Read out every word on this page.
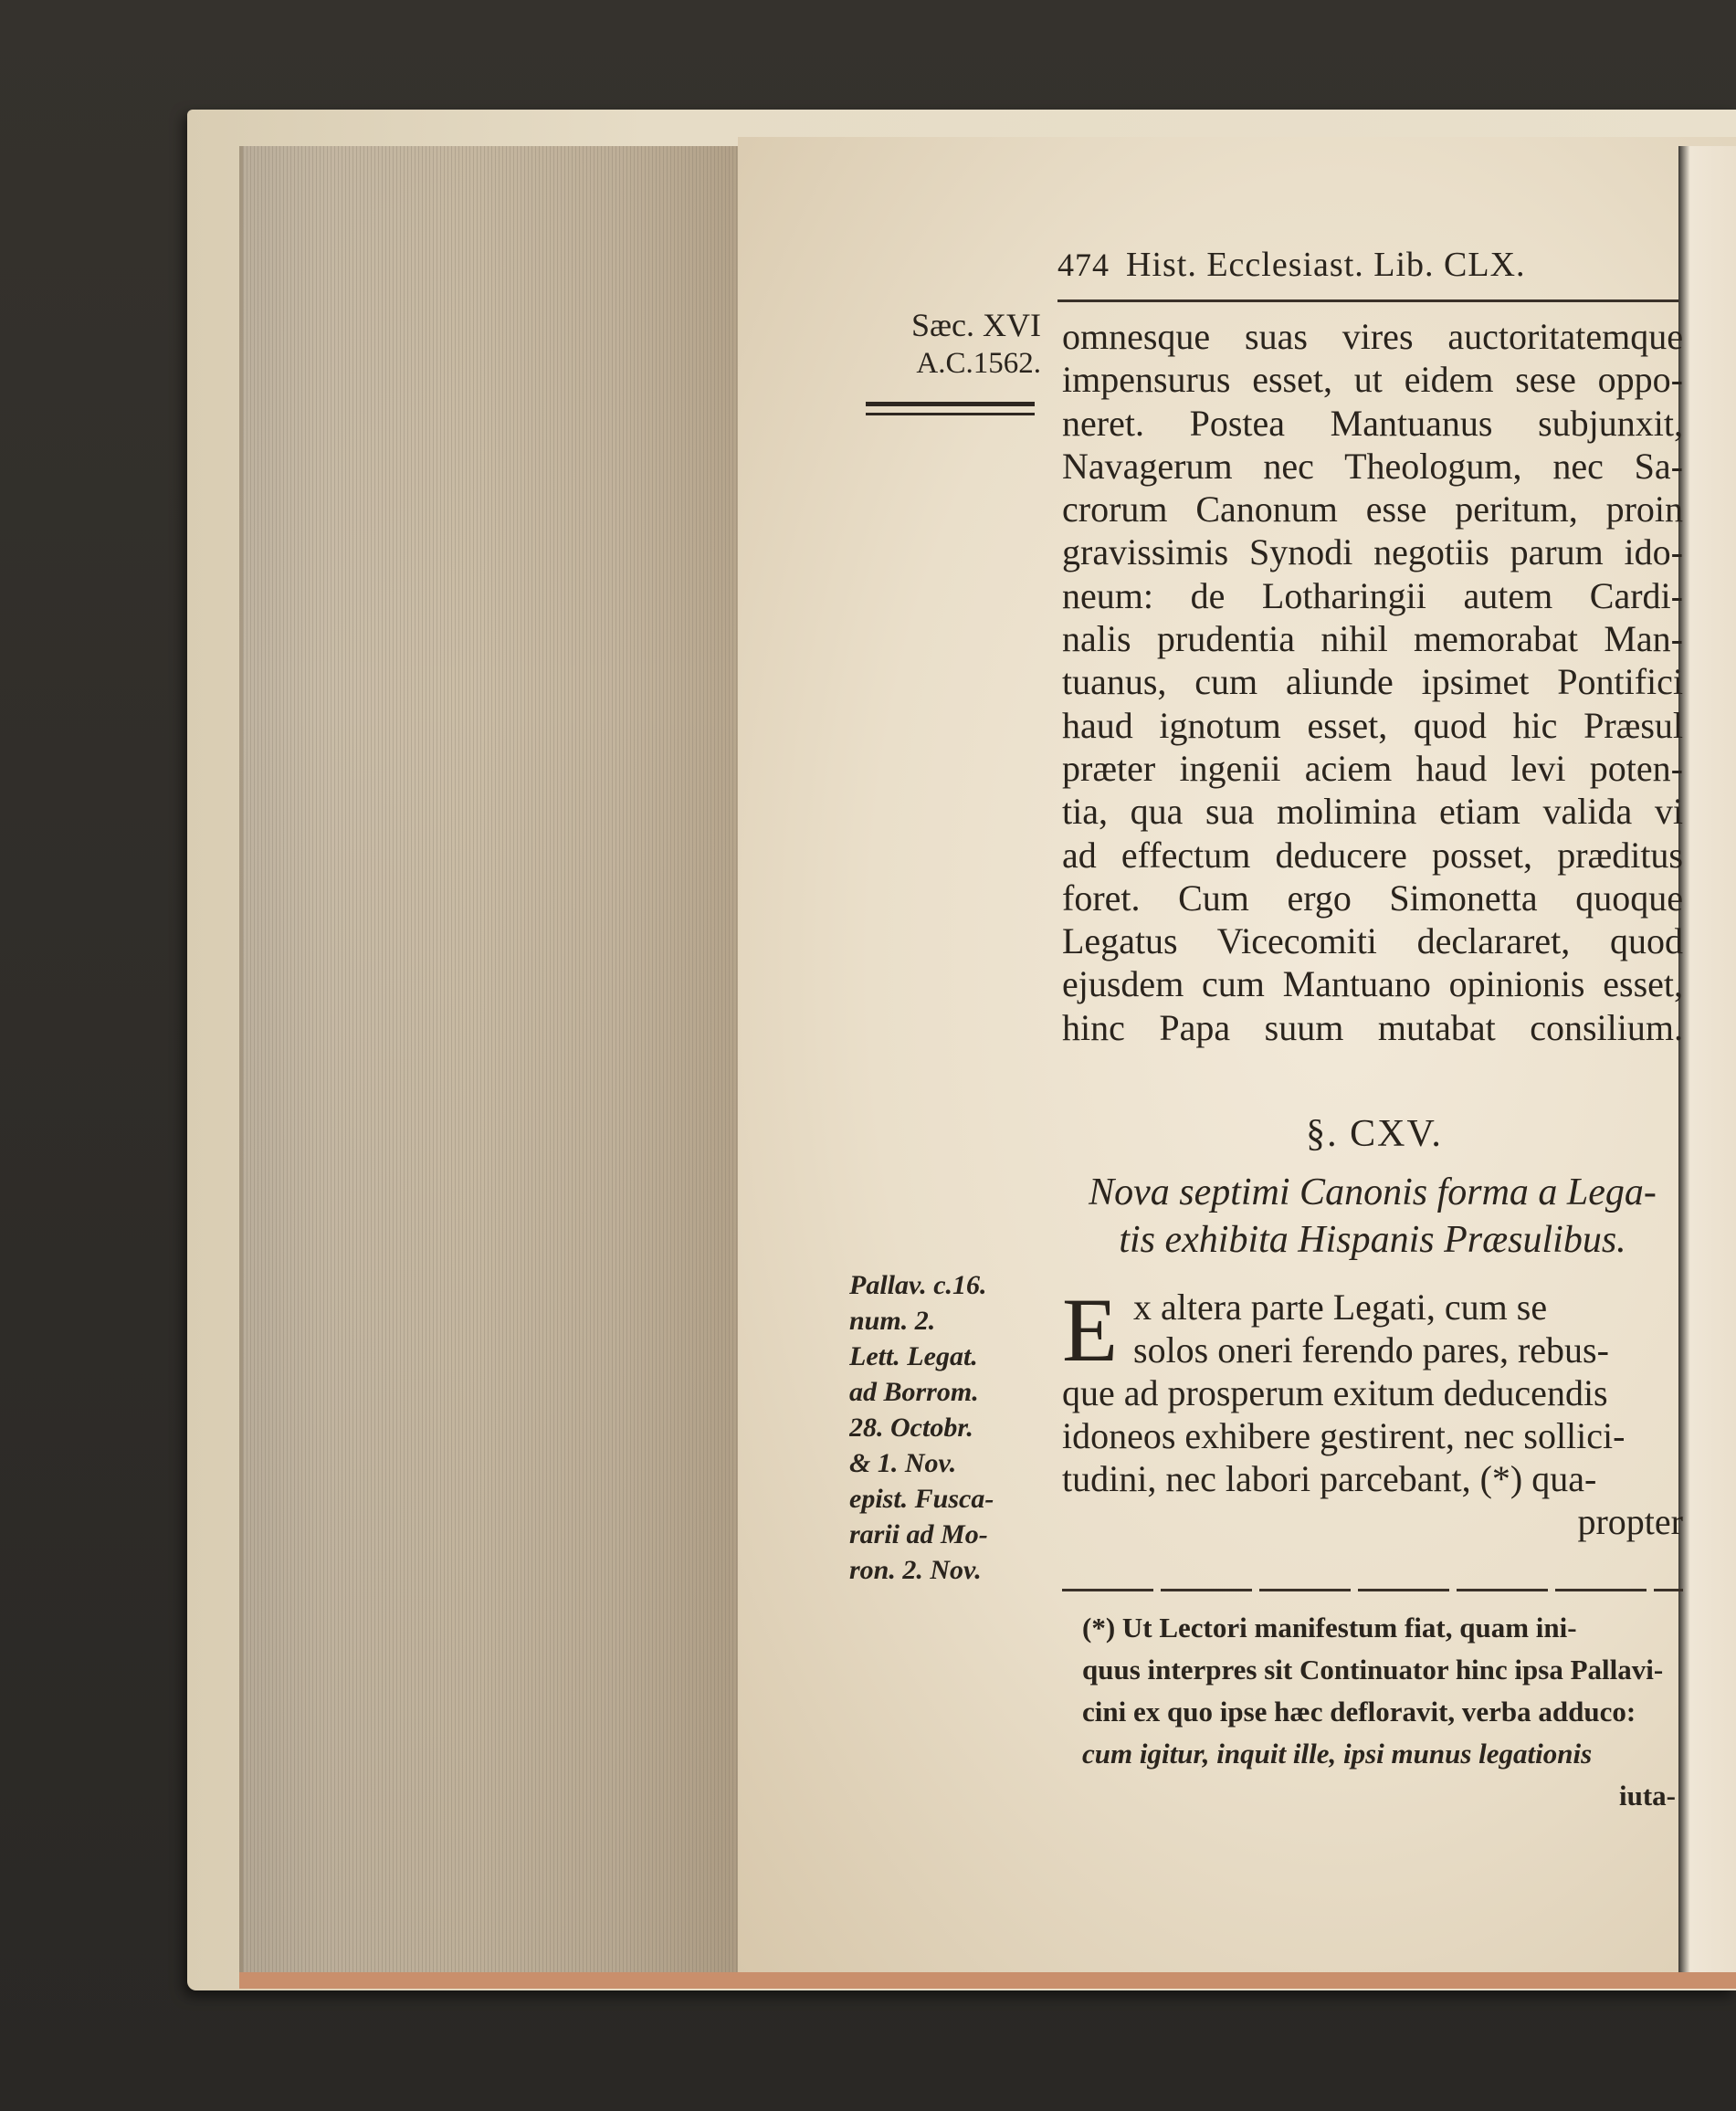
474 Hist. Ecclesiast. Lib. CLX.
Sæc. XVI
A.C.1562.
omnesque suas vires auctoritatemque
impensurus esset, ut eidem sese oppo-
neret. Postea Mantuanus subjunxit,
Navagerum nec Theologum, nec Sa-
crorum Canonum esse peritum, proin
gravissimis Synodi negotiis parum ido-
neum: de Lotharingii autem Cardi-
nalis prudentia nihil memorabat Man-
tuanus, cum aliunde ipsimet Pontifici
haud ignotum esset, quod hic Præsul
præter ingenii aciem haud levi poten-
tia, qua sua molimina etiam valida vi
ad effectum deducere posset, præditus
foret. Cum ergo Simonetta quoque
Legatus Vicecomiti declararet, quod
ejusdem cum Mantuano opinionis esset,
hinc Papa suum mutabat consilium.
§. CXV.
Nova septimi Canonis forma a Lega-
tis exhibita Hispanis Præsulibus.
E x altera parte Legati, cum se
solos oneri ferendo pares, rebus-
que ad prosperum exitum deducendis
idoneos exhibere gestirent, nec sollici-
tudini, nec labori parcebant, (*) qua-
propter
Pallav. c.16.
num. 2.
Lett. Legat.
ad Borrom.
28. Octobr.
& 1. Nov.
epist. Fusca-
rarii ad Mo-
ron. 2. Nov.
(*) Ut Lectori manifestum fiat, quam ini-
quus interpres sit Continuator hinc ipsa Pallavi-
cini ex quo ipse hæc defloravit, verba adduco:
cum igitur, inquit ille, ipsi munus legationis
iuta-
